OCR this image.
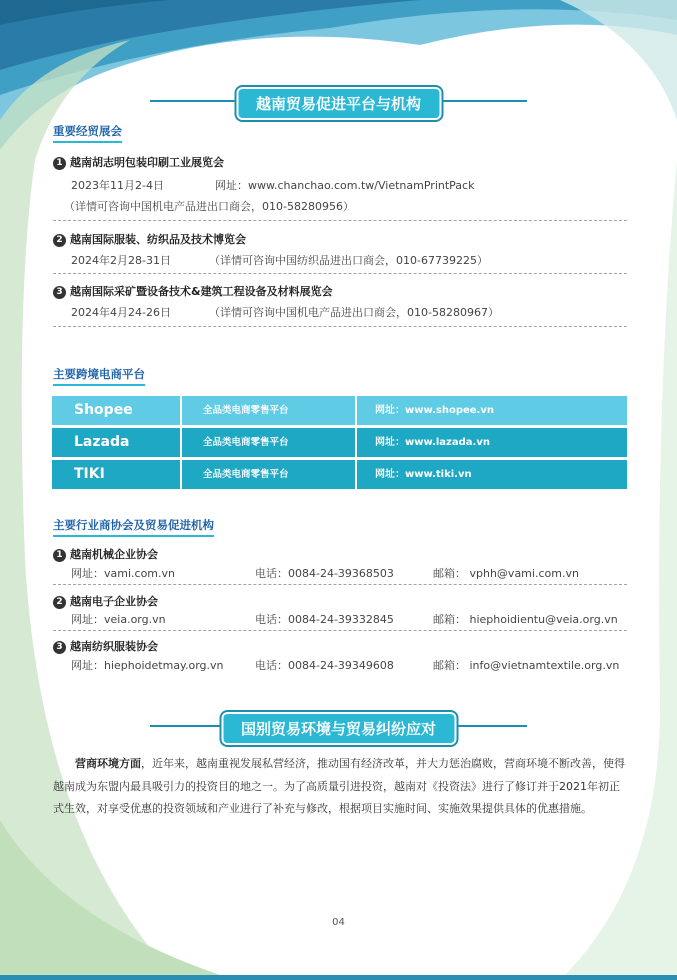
越南贸易促进平台与机构
重要经贸展会
1 越南胡志明包装印刷工业展览会
2023年11月2-4日	网址：www.chanchao.com.tw/VietnamPrintPack
（详情可咨询中国机电产品进出口商会，010-58280956）
2 越南国际服装、纺织品及技术博览会
2024年2月28-31日	（详情可咨询中国纺织品进出口商会，010-67739225）
3 越南国际采矿暨设备技术&建筑工程设备及材料展览会
2024年4月24-26日	（详情可咨询中国机电产品进出口商会，010-58280967）
主要跨境电商平台
Shopee	全品类电商零售平台	网址：www.shopee.vn
Lazada	全品类电商零售平台	网址：www.lazada.vn
TIKI	全品类电商零售平台	网址：www.tiki.vn
主要行业商协会及贸易促进机构
1 越南机械企业协会
网址：vami.com.vn	电话：0084-24-39368503	邮箱： vphh@vami.com.vn
2 越南电子企业协会
网址：veia.org.vn	电话：0084-24-39332845	邮箱： hiephoidientu@veia.org.vn
3 越南纺织服装协会
网址：hiephoidetmay.org.vn	电话：0084-24-39349608	邮箱： info@vietnamtextile.org.vn
国别贸易环境与贸易纠纷应对
营商环境方面，近年来，越南重视发展私营经济，推动国有经济改革，并大力惩治腐败，营商环境不断改善，使得越南成为东盟内最具吸引力的投资目的地之一。为了高质量引进投资，越南对《投资法》进行了修订并于2021年初正式生效，对享受优惠的投资领域和产业进行了补充与修改，根据项目实施时间、实施效果提供具体的优惠措施。
04
